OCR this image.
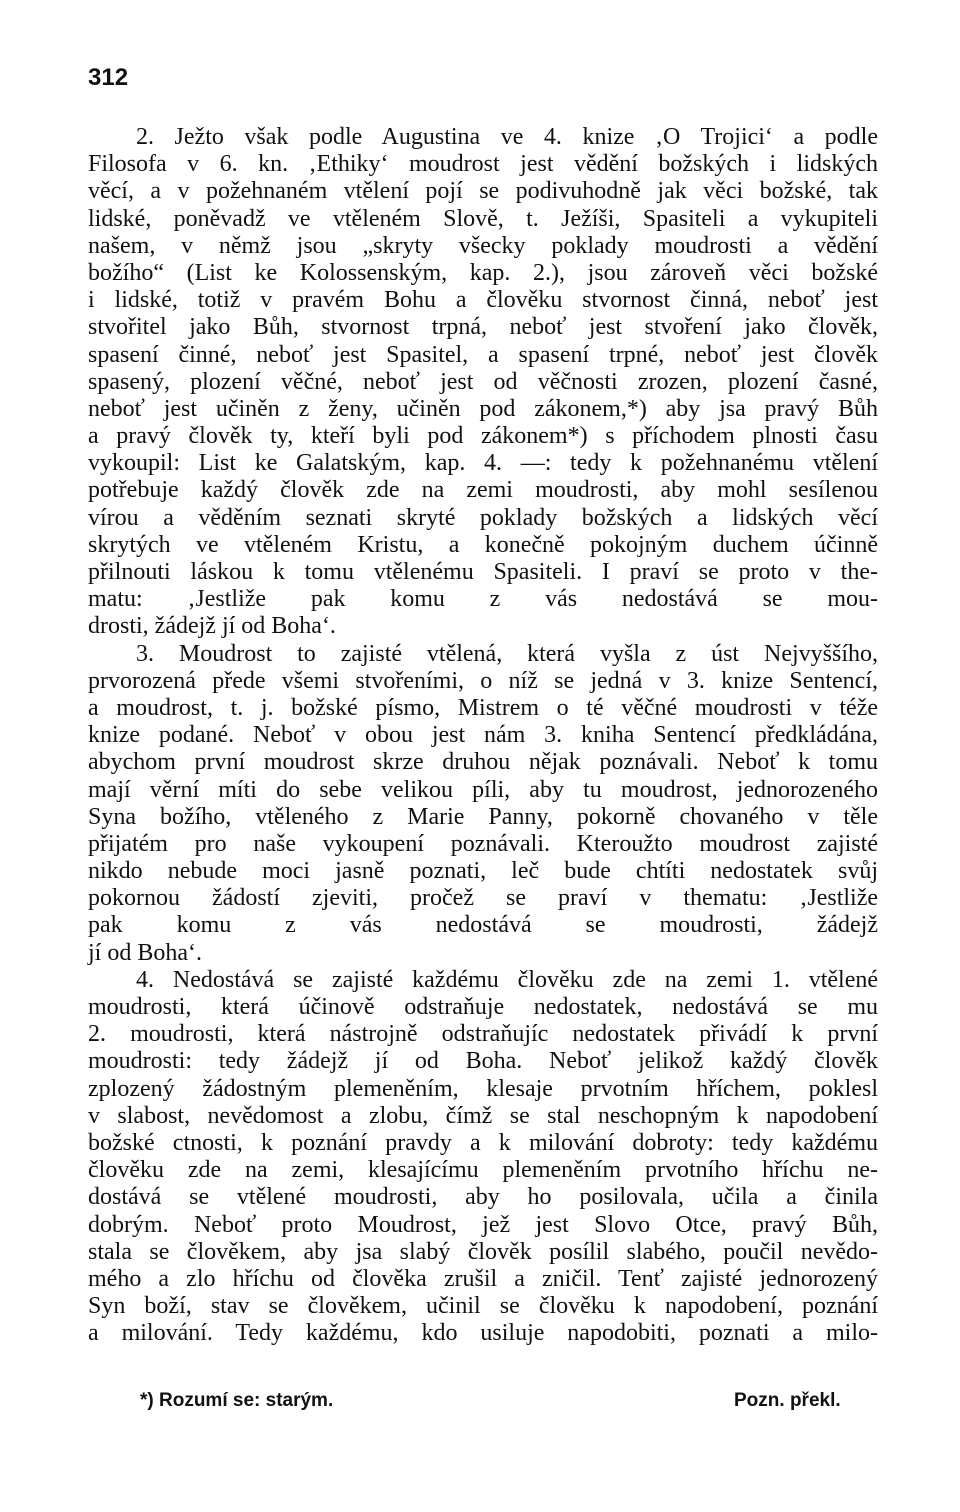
312
2. Ježto však podle Augustina ve 4. knize ‚O Trojici‘ a podle
Filosofa v 6. kn. ‚Ethiky‘ moudrost jest vědění božských i lidských
věcí, a v požehnaném vtělení pojí se podivuhodně jak věci božské, tak
lidské, poněvadž ve vtěleném Slově, t. Ježíši, Spasiteli a vykupiteli
našem, v němž jsou „skryty všecky poklady moudrosti a vědění
božího“ (List ke Kolossenským, kap. 2.), jsou zároveň věci božské
i lidské, totiž v pravém Bohu a člověku stvornost činná, neboť jest
stvořitel jako Bůh, stvornost trpná, neboť jest stvoření jako člověk,
spasení činné, neboť jest Spasitel, a spasení trpné, neboť jest člověk
spasený, plození věčné, neboť jest od věčnosti zrozen, plození časné,
neboť jest učiněn z ženy, učiněn pod zákonem,*) aby jsa pravý Bůh
a pravý člověk ty, kteří byli pod zákonem*) s příchodem plnosti času
vykoupil: List ke Galatským, kap. 4. —: tedy k požehnanému vtělení
potřebuje každý člověk zde na zemi moudrosti, aby mohl sesílenou
vírou a věděním seznati skryté poklady božských a lidských věcí
skrytých ve vtěleném Kristu, a konečně pokojným duchem účinně
přilnouti láskou k tomu vtělenému Spasiteli. I praví se proto v the-
matu: ‚Jestliže pak komu z vás nedostává se mou-
drosti, žádejž jí od Boha‘.
3. Moudrost to zajisté vtělená, která vyšla z úst Nejvyššího,
prvorozená přede všemi stvořeními, o níž se jedná v 3. knize Sentencí,
a moudrost, t. j. božské písmo, Mistrem o té věčné moudrosti v téže
knize podané. Neboť v obou jest nám 3. kniha Sentencí předkládána,
abychom první moudrost skrze druhou nějak poznávali. Neboť k tomu
mají věrní míti do sebe velikou píli, aby tu moudrost, jednorozeného
Syna božího, vtěleného z Marie Panny, pokorně chovaného v těle
přijatém pro naše vykoupení poznávali. Kteroužto moudrost zajisté
nikdo nebude moci jasně poznati, leč bude chtíti nedostatek svůj
pokornou žádostí zjeviti, pročež se praví v thematu: ‚Jestliže
pak komu z vás nedostává se moudrosti, žádejž
jí od Boha‘.
4. Nedostává se zajisté každému člověku zde na zemi 1. vtělené
moudrosti, která účinově odstraňuje nedostatek, nedostává se mu
2. moudrosti, která nástrojně odstraňujíc nedostatek přivádí k první
moudrosti: tedy žádejž jí od Boha. Neboť jelikož každý člověk
zplozený žádostným plemeněním, klesaje prvotním hříchem, poklesl
v slabost, nevědomost a zlobu, čímž se stal neschopným k napodobení
božské ctnosti, k poznání pravdy a k milování dobroty: tedy každému
člověku zde na zemi, klesajícímu plemeněním prvotního hříchu ne-
dostává se vtělené moudrosti, aby ho posilovala, učila a činila
dobrým. Neboť proto Moudrost, jež jest Slovo Otce, pravý Bůh,
stala se člověkem, aby jsa slabý člověk posílil slabého, poučil nevědo-
mého a zlo hříchu od člověka zrušil a zničil. Tenť zajisté jednorozený
Syn boží, stav se člověkem, učinil se člověku k napodobení, poznání
a milování. Tedy každému, kdo usiluje napodobiti, poznati a milo-
*) Rozumí se: starým.	Pozn. překl.
